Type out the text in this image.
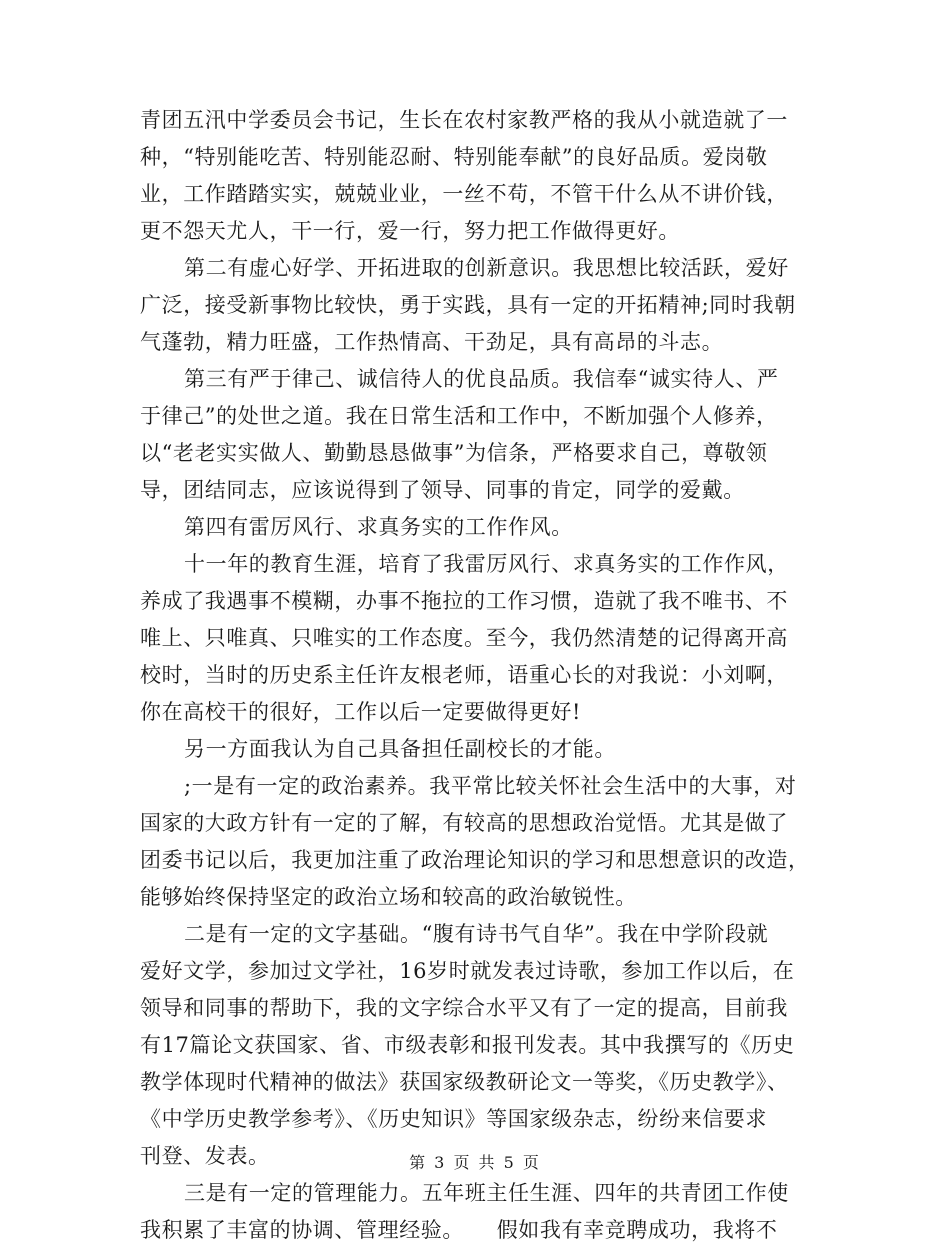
青团五汛中学委员会书记，生长在农村家教严格的我从小就造就了一
种，“特别能吃苦、特别能忍耐、特别能奉献”的良好品质。爱岗敬
业，工作踏踏实实，兢兢业业，一丝不苟，不管干什么从不讲价钱，
更不怨天尤人，干一行，爱一行，努力把工作做得更好。
第二有虚心好学、开拓进取的创新意识。我思想比较活跃，爱好
广泛，接受新事物比较快，勇于实践，具有一定的开拓精神;同时我朝
气蓬勃，精力旺盛，工作热情高、干劲足，具有高昂的斗志。
第三有严于律己、诚信待人的优良品质。我信奉“诚实待人、严
于律己”的处世之道。我在日常生活和工作中，不断加强个人修养，
以“老老实实做人、勤勤恳恳做事”为信条，严格要求自己，尊敬领
导，团结同志，应该说得到了领导、同事的肯定，同学的爱戴。
第四有雷厉风行、求真务实的工作作风。
十一年的教育生涯，培育了我雷厉风行、求真务实的工作作风，
养成了我遇事不模糊，办事不拖拉的工作习惯，造就了我不唯书、不
唯上、只唯真、只唯实的工作态度。至今，我仍然清楚的记得离开高
校时，当时的历史系主任许友根老师，语重心长的对我说：小刘啊，
你在高校干的很好，工作以后一定要做得更好!
另一方面我认为自己具备担任副校长的才能。
;一是有一定的政治素养。我平常比较关怀社会生活中的大事，对
国家的大政方针有一定的了解，有较高的思想政治觉悟。尤其是做了
团委书记以后，我更加注重了政治理论知识的学习和思想意识的改造，
能够始终保持坚定的政治立场和较高的政治敏锐性。
二是有一定的文字基础。“腹有诗书气自华”。我在中学阶段就
爱好文学，参加过文学社，16岁时就发表过诗歌，参加工作以后，在
领导和同事的帮助下，我的文字综合水平又有了一定的提高，目前我
有17篇论文获国家、省、市级表彰和报刊发表。其中我撰写的《历史
教学体现时代精神的做法》获国家级教研论文一等奖，《历史教学》、
《中学历史教学参考》、《历史知识》等国家级杂志，纷纷来信要求
刊登、发表。
三是有一定的管理能力。五年班主任生涯、四年的共青团工作使
我积累了丰富的协调、管理经验。　　假如我有幸竞聘成功，我将不
第 3 页 共 5 页
